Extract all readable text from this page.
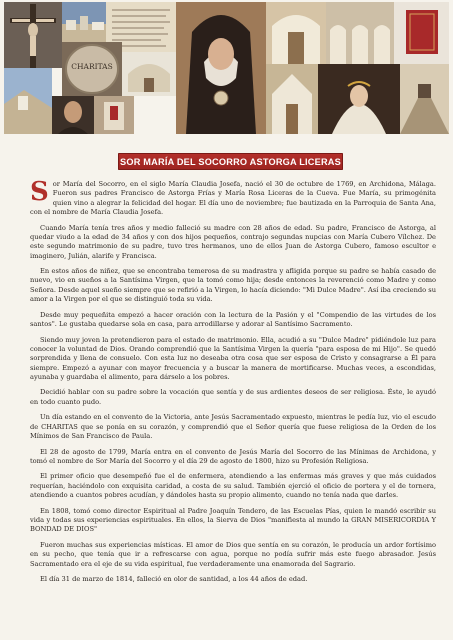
CHARITAS
SOR MARÍA DEL SOCORRO ASTORGA LICERAS

Sor María del Socorro, en el siglo María Claudia Josefa, nació el 30 de octubre de 1769, en Archidona, Málaga. Fueron sus padres Francisco de Astorga Frías y María Rosa Liceras de la Cueva. Fue María, su primogénita quien vino a alegrar la felicidad del hogar. El día uno de noviembre; fue bautizada en la Parroquia de Santa Ana, con el nombre de María Claudia Josefa.

Cuando María tenía tres años y medio falleció su madre con 28 años de edad. Su padre, Francisco de Astorga, al quedar viudo a la edad de 34 años y con dos hijos pequeños, contrajo segundas nupcias con María Cubero Vílchez. De este segundo matrimonio de su padre, tuvo tres hermanos, uno de ellos Juan de Astorga Cubero, famoso escultor e imaginero, Julián, alarife y Francisca.

En estos años de niñez, que se encontraba temerosa de su madrastra y afligida porque su padre se había casado de nuevo, vio en sueños a la Santísima Virgen, que la tomó como hija; desde entonces la reverenció como Madre y como Señora. Desde aquel sueño siempre que se refirió a la Virgen, lo hacía diciendo: "Mi Dulce Madre". Así iba creciendo su amor a la Virgen por el que se distinguió toda su vida.

Desde muy pequeñita empezó a hacer oración con la lectura de la Pasión y el "Compendio de las virtudes de los santos". Le gustaba quedarse sola en casa, para arrodillarse y adorar al Santísimo Sacramento.

Siendo muy joven la pretendieron para el estado de matrimonio. Ella, acudió a su "Dulce Madre" pidiéndole luz para conocer la voluntad de Dios. Orando comprendió que la Santísima Virgen la quería "para esposa de mi Hijo". Se quedó sorprendida y llena de consuelo. Con esta luz no deseaba otra cosa que ser esposa de Cristo y consagrarse a Él para siempre. Empezó a ayunar con mayor frecuencia y a buscar la manera de mortificarse. Muchas veces, a escondidas, ayunaba y guardaba el alimento, para dárselo a los pobres.

Decidió hablar con su padre sobre la vocación que sentía y de sus ardientes deseos de ser religiosa. Éste, le ayudó en todo cuanto pudo.

Un día estando en el convento de la Victoria, ante Jesús Sacramentado expuesto, mientras le pedía luz, vio el escudo de CHARITAS que se ponía en su corazón, y comprendió que el Señor quería que fuese religiosa de la Orden de los Mínimos de San Francisco de Paula.

El 28 de agosto de 1799, María entra en el convento de Jesús María del Socorro de las Mínimas de Archidona, y tomó el nombre de Sor María del Socorro y el día 29 de agosto de 1800, hizo su Profesión Religiosa.

El primer oficio que desempeñó fue el de enfermera, atendiendo a las enfermas más graves y que más cuidados requerían, haciéndolo con exquisita caridad, a costa de su salud. También ejerció el oficio de portera y el de tornera, atendiendo a cuantos pobres acudían, y dándoles hasta su propio alimento, cuando no tenía nada que darles.

En 1808, tomó como director Espiritual al Padre Joaquín Tendero, de las Escuelas Pías, quien le mandó escribir su vida y todas sus experiencias espirituales. En ellos, la Sierva de Dios "manifiesta al mundo la GRAN MISERICORDIA Y BONDAD DE DIOS"

Fueron muchas sus experiencias místicas. El amor de Dios que sentía en su corazón, le producía un ardor fortísimo en su pecho, que tenía que ir a refrescarse con agua, porque no podía sufrir más este fuego abrasador. Jesús Sacramentado era el eje de su vida espiritual, fue verdaderamente una enamorada del Sagrario.

El día 31 de marzo de 1814, falleció en olor de santidad, a los 44 años de edad.
